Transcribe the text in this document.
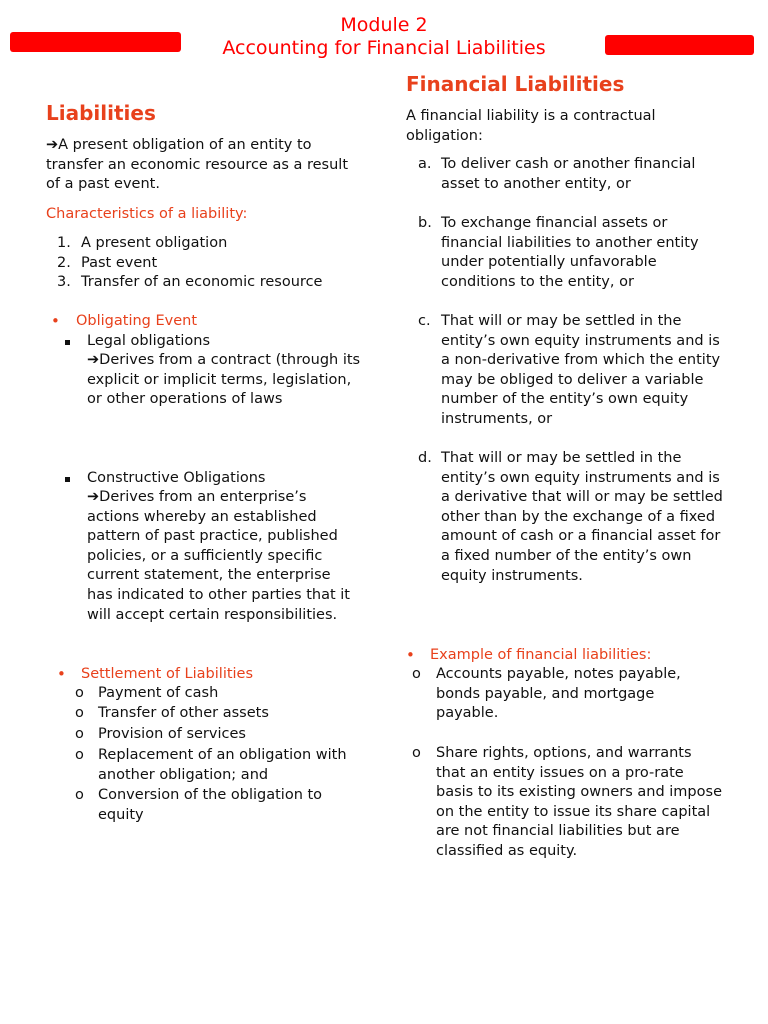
Module 2
Accounting for Financial Liabilities
Liabilities

➔A present obligation of an entity to transfer an economic resource as a result of a past event.

Characteristics of a liability:
1. A present obligation
2. Past event
3. Transfer of an economic resource
• Obligating Event
Legal obligations

➔Derives from a contract (through its explicit or implicit terms, legislation, or other operations of laws

Constructive Obligations

➔Derives from an enterprise’s actions whereby an established pattern of past practice, published policies, or a sufficiently specific current statement, the enterprise has indicated to other parties that it will accept certain responsibilities.

• Settlement of Liabilities
o Payment of cash
o Transfer of other assets
o Provision of services
o Replacement of an obligation with another obligation; and
o Conversion of the obligation to equity
Financial Liabilities

A financial liability is a contractual obligation:

a. To deliver cash or another financial asset to another entity, or

b. To exchange financial assets or financial liabilities to another entity under potentially unfavorable conditions to the entity, or

c. That will or may be settled in the entity’s own equity instruments and is a non-derivative from which the entity may be obliged to deliver a variable number of the entity’s own equity instruments, or

d. That will or may be settled in the entity’s own equity instruments and is a derivative that will or may be settled other than by the exchange of a fixed amount of cash or a financial asset for a fixed number of the entity’s own equity instruments.

• Example of financial liabilities:
o Accounts payable, notes payable, bonds payable, and mortgage payable.

o Share rights, options, and warrants that an entity issues on a pro-rate basis to its existing owners and impose on the entity to issue its share capital are not financial liabilities but are classified as equity.
